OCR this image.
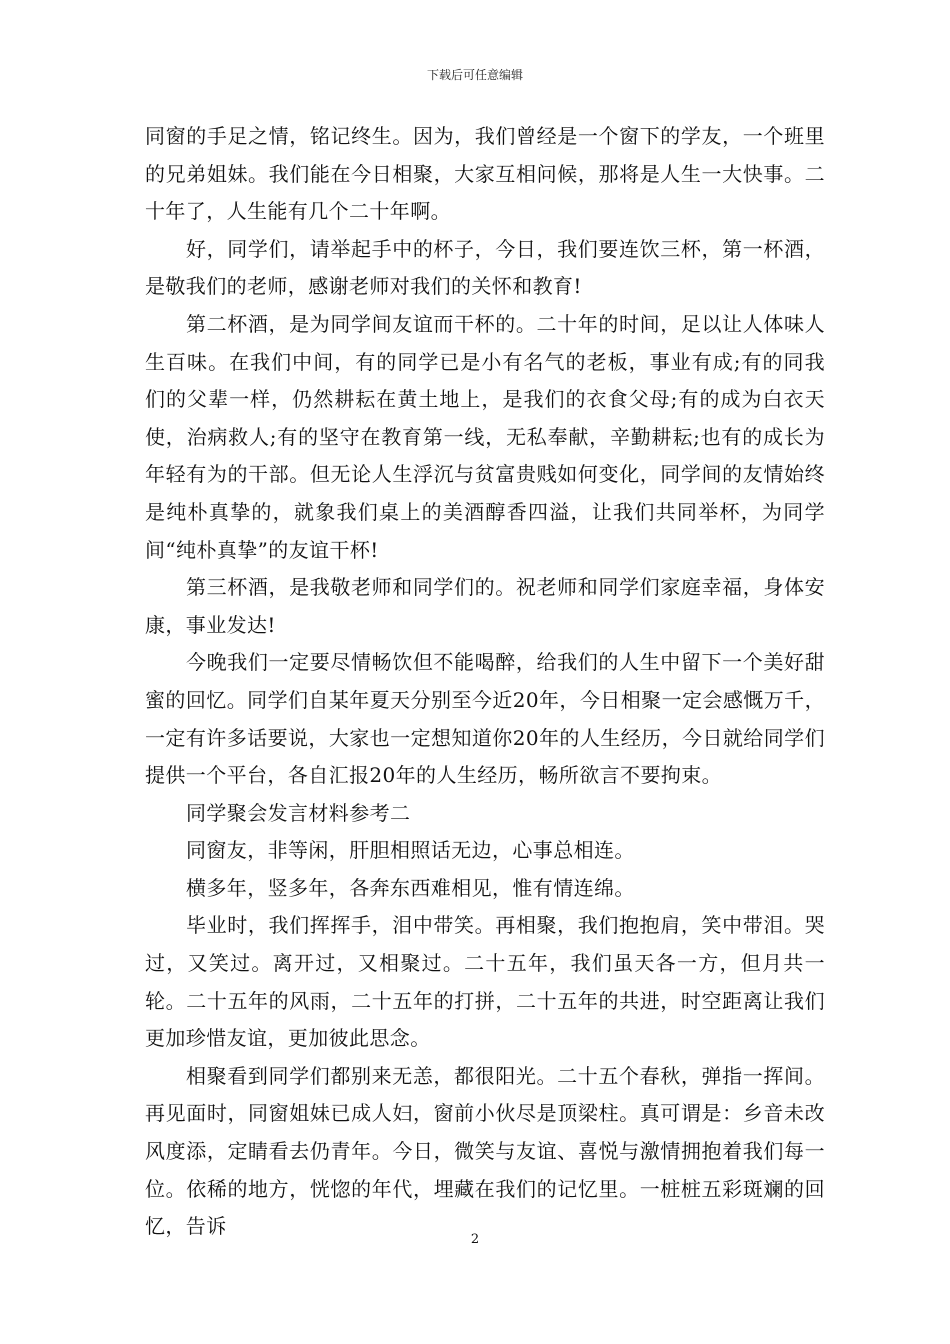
下载后可任意编辑

同窗的手足之情，铭记终生。因为，我们曾经是一个窗下的学友，一个班里的兄弟姐妹。我们能在今日相聚，大家互相问候，那将是人生一大快事。二十年了，人生能有几个二十年啊。

好，同学们，请举起手中的杯子，今日，我们要连饮三杯，第一杯酒，是敬我们的老师，感谢老师对我们的关怀和教育!

第二杯酒，是为同学间友谊而干杯的。二十年的时间，足以让人体味人生百味。在我们中间，有的同学已是小有名气的老板，事业有成;有的同我们的父辈一样，仍然耕耘在黄土地上，是我们的衣食父母;有的成为白衣天使，治病救人;有的坚守在教育第一线，无私奉献，辛勤耕耘;也有的成长为年轻有为的干部。但无论人生浮沉与贫富贵贱如何变化，同学间的友情始终是纯朴真挚的，就象我们桌上的美酒醇香四溢，让我们共同举杯，为同学间“纯朴真挚”的友谊干杯!

第三杯酒，是我敬老师和同学们的。祝老师和同学们家庭幸福，身体安康，事业发达!

今晚我们一定要尽情畅饮但不能喝醉，给我们的人生中留下一个美好甜蜜的回忆。同学们自某年夏天分别至今近20年，今日相聚一定会感慨万千，一定有许多话要说，大家也一定想知道你20年的人生经历，今日就给同学们提供一个平台，各自汇报20年的人生经历，畅所欲言不要拘束。

同学聚会发言材料参考二

同窗友，非等闲，肝胆相照话无边，心事总相连。

横多年，竖多年，各奔东西难相见，惟有情连绵。

毕业时，我们挥挥手，泪中带笑。再相聚，我们抱抱肩，笑中带泪。哭过，又笑过。离开过，又相聚过。二十五年，我们虽天各一方，但月共一轮。二十五年的风雨，二十五年的打拼，二十五年的共进，时空距离让我们更加珍惜友谊，更加彼此思念。

相聚看到同学们都别来无恙，都很阳光。二十五个春秋，弹指一挥间。再见面时，同窗姐妹已成人妇，窗前小伙尽是顶梁柱。真可谓是：乡音未改风度添，定睛看去仍青年。今日，微笑与友谊、喜悦与激情拥抱着我们每一位。依稀的地方，恍惚的年代，埋藏在我们的记忆里。一桩桩五彩斑斓的回忆，告诉

2
